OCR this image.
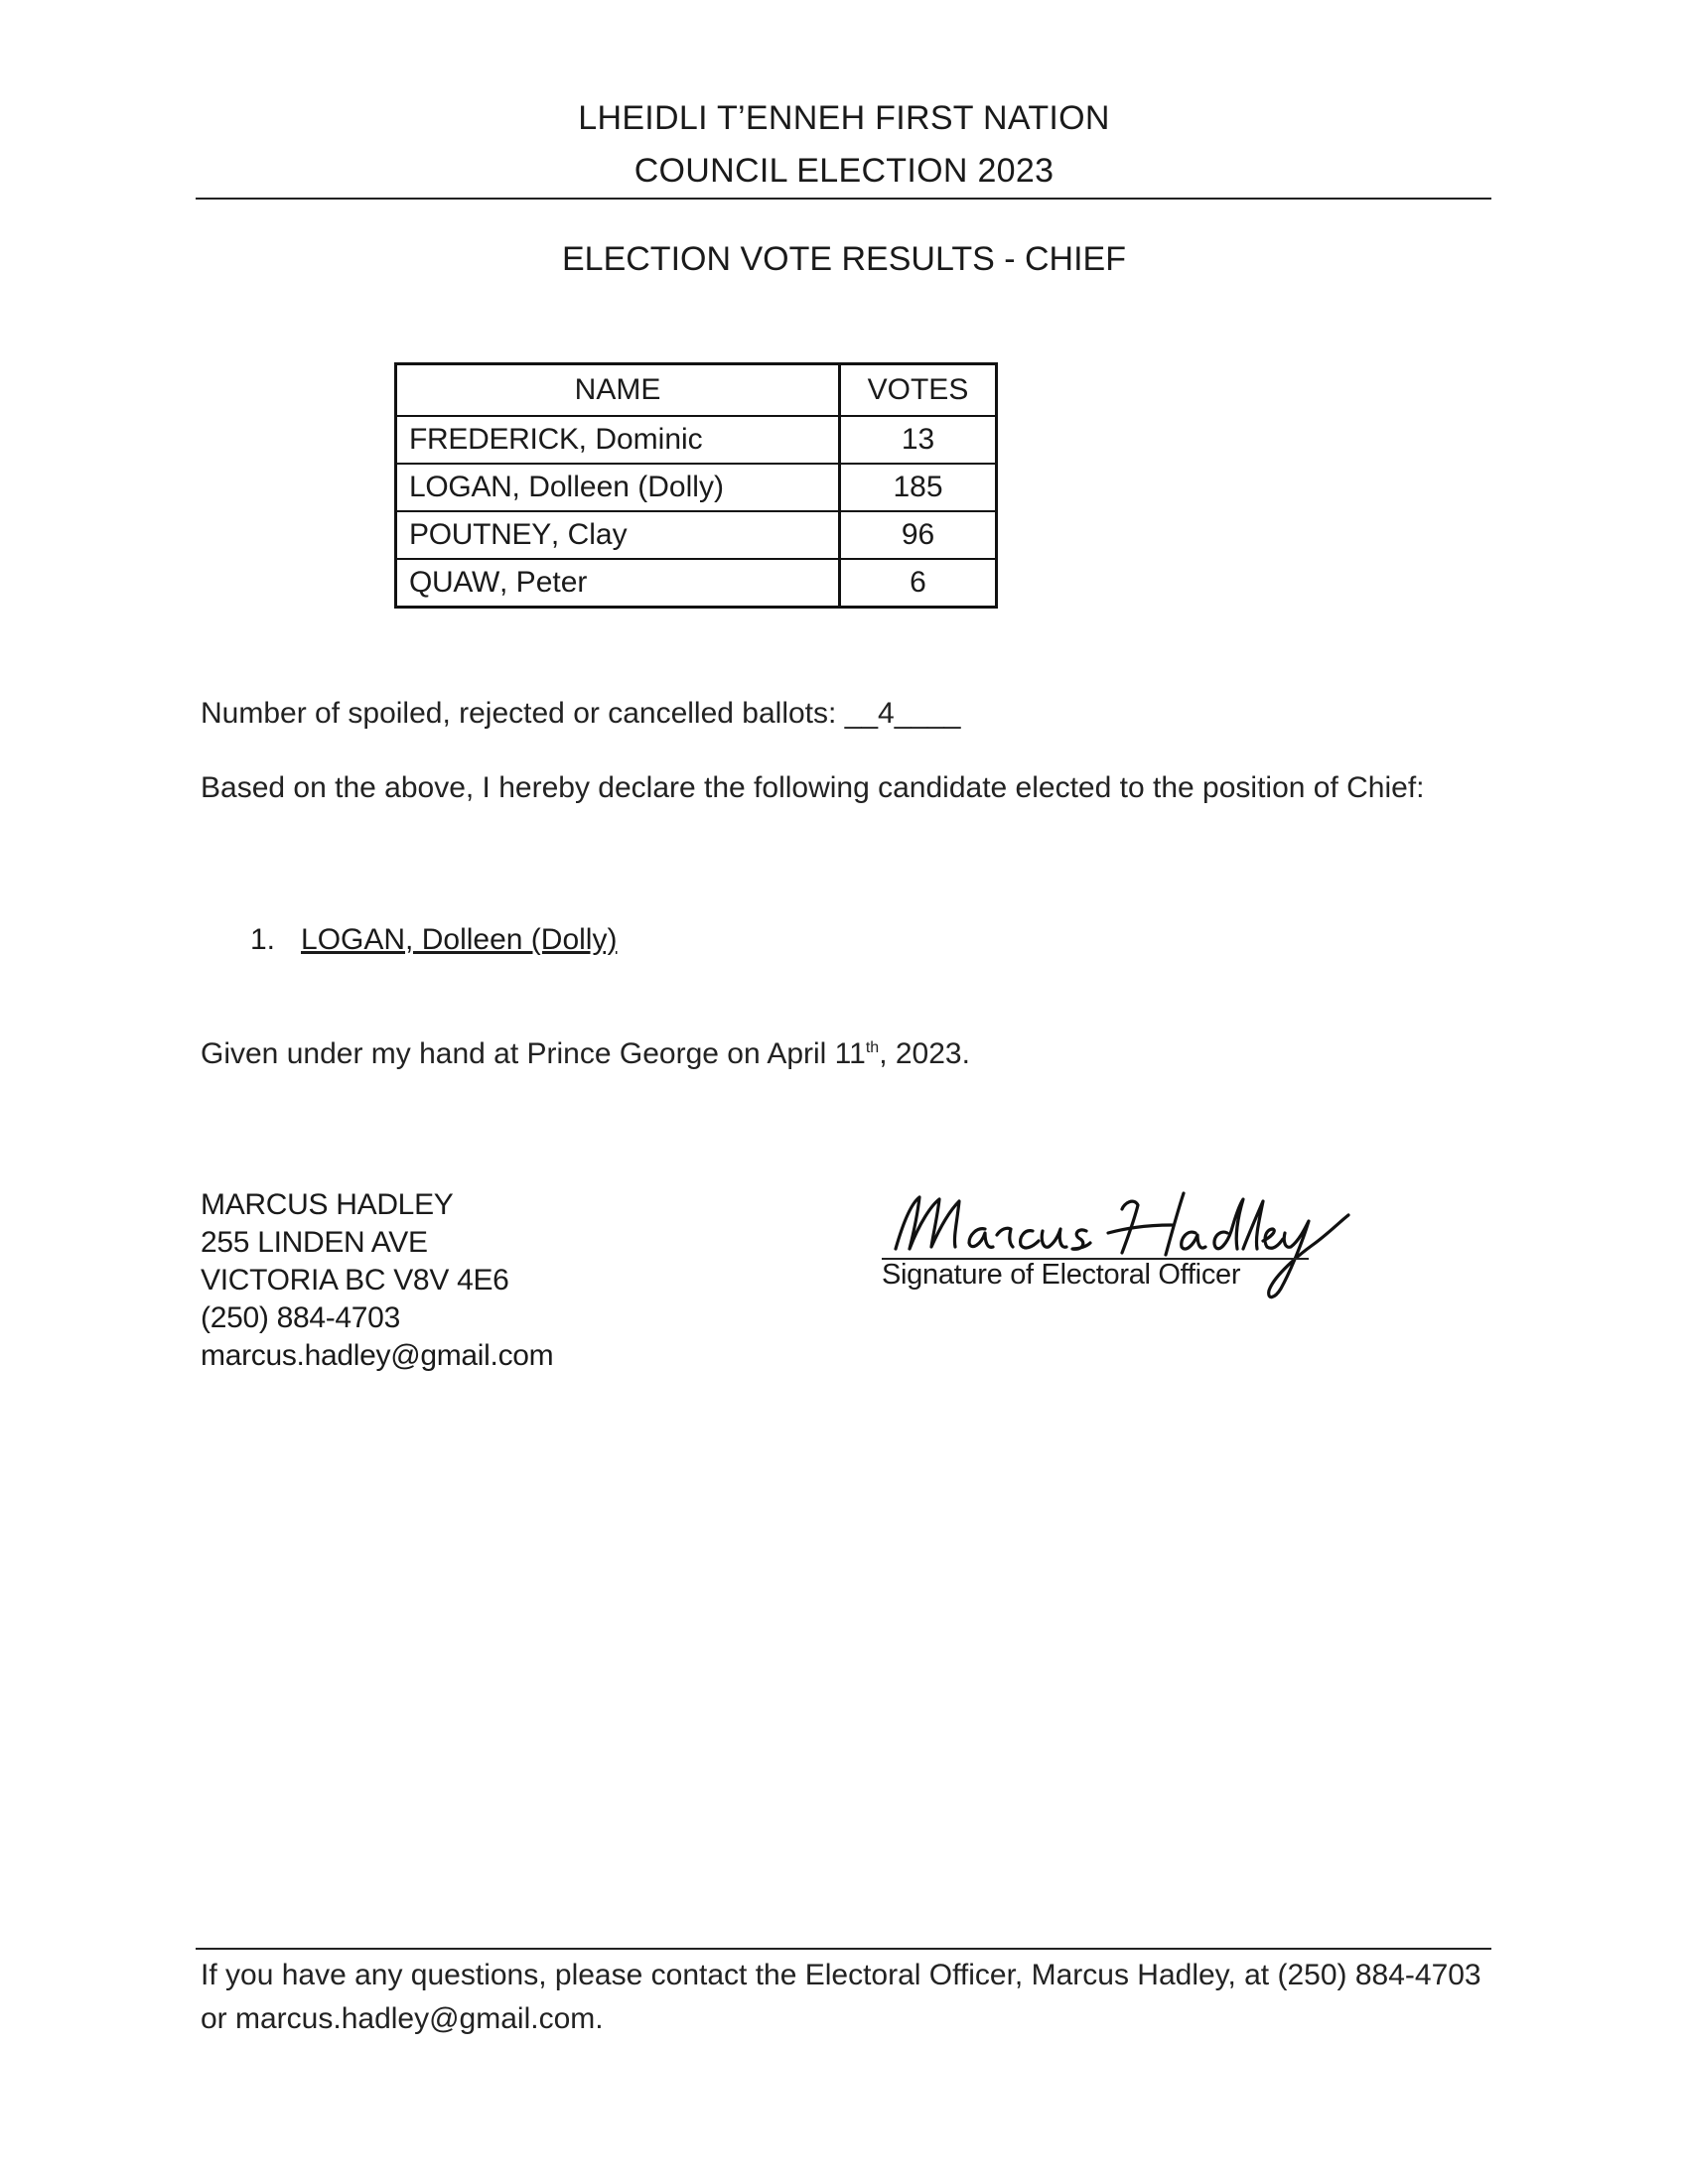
LHEIDLI T’ENNEH FIRST NATION
COUNCIL ELECTION 2023
ELECTION VOTE RESULTS - CHIEF
NAME	VOTES
FREDERICK, Dominic	13
LOGAN, Dolleen (Dolly)	185
POUTNEY, Clay	96
QUAW, Peter	6
Number of spoiled, rejected or cancelled ballots: __4____
Based on the above, I hereby declare the following candidate elected to the position of Chief:
1. LOGAN, Dolleen (Dolly)
Given under my hand at Prince George on April 11th, 2023.
MARCUS HADLEY
255 LINDEN AVE
VICTORIA BC V8V 4E6
(250) 884-4703
marcus.hadley@gmail.com
Signature of Electoral Officer
If you have any questions, please contact the Electoral Officer, Marcus Hadley, at (250) 884-4703
or marcus.hadley@gmail.com.
